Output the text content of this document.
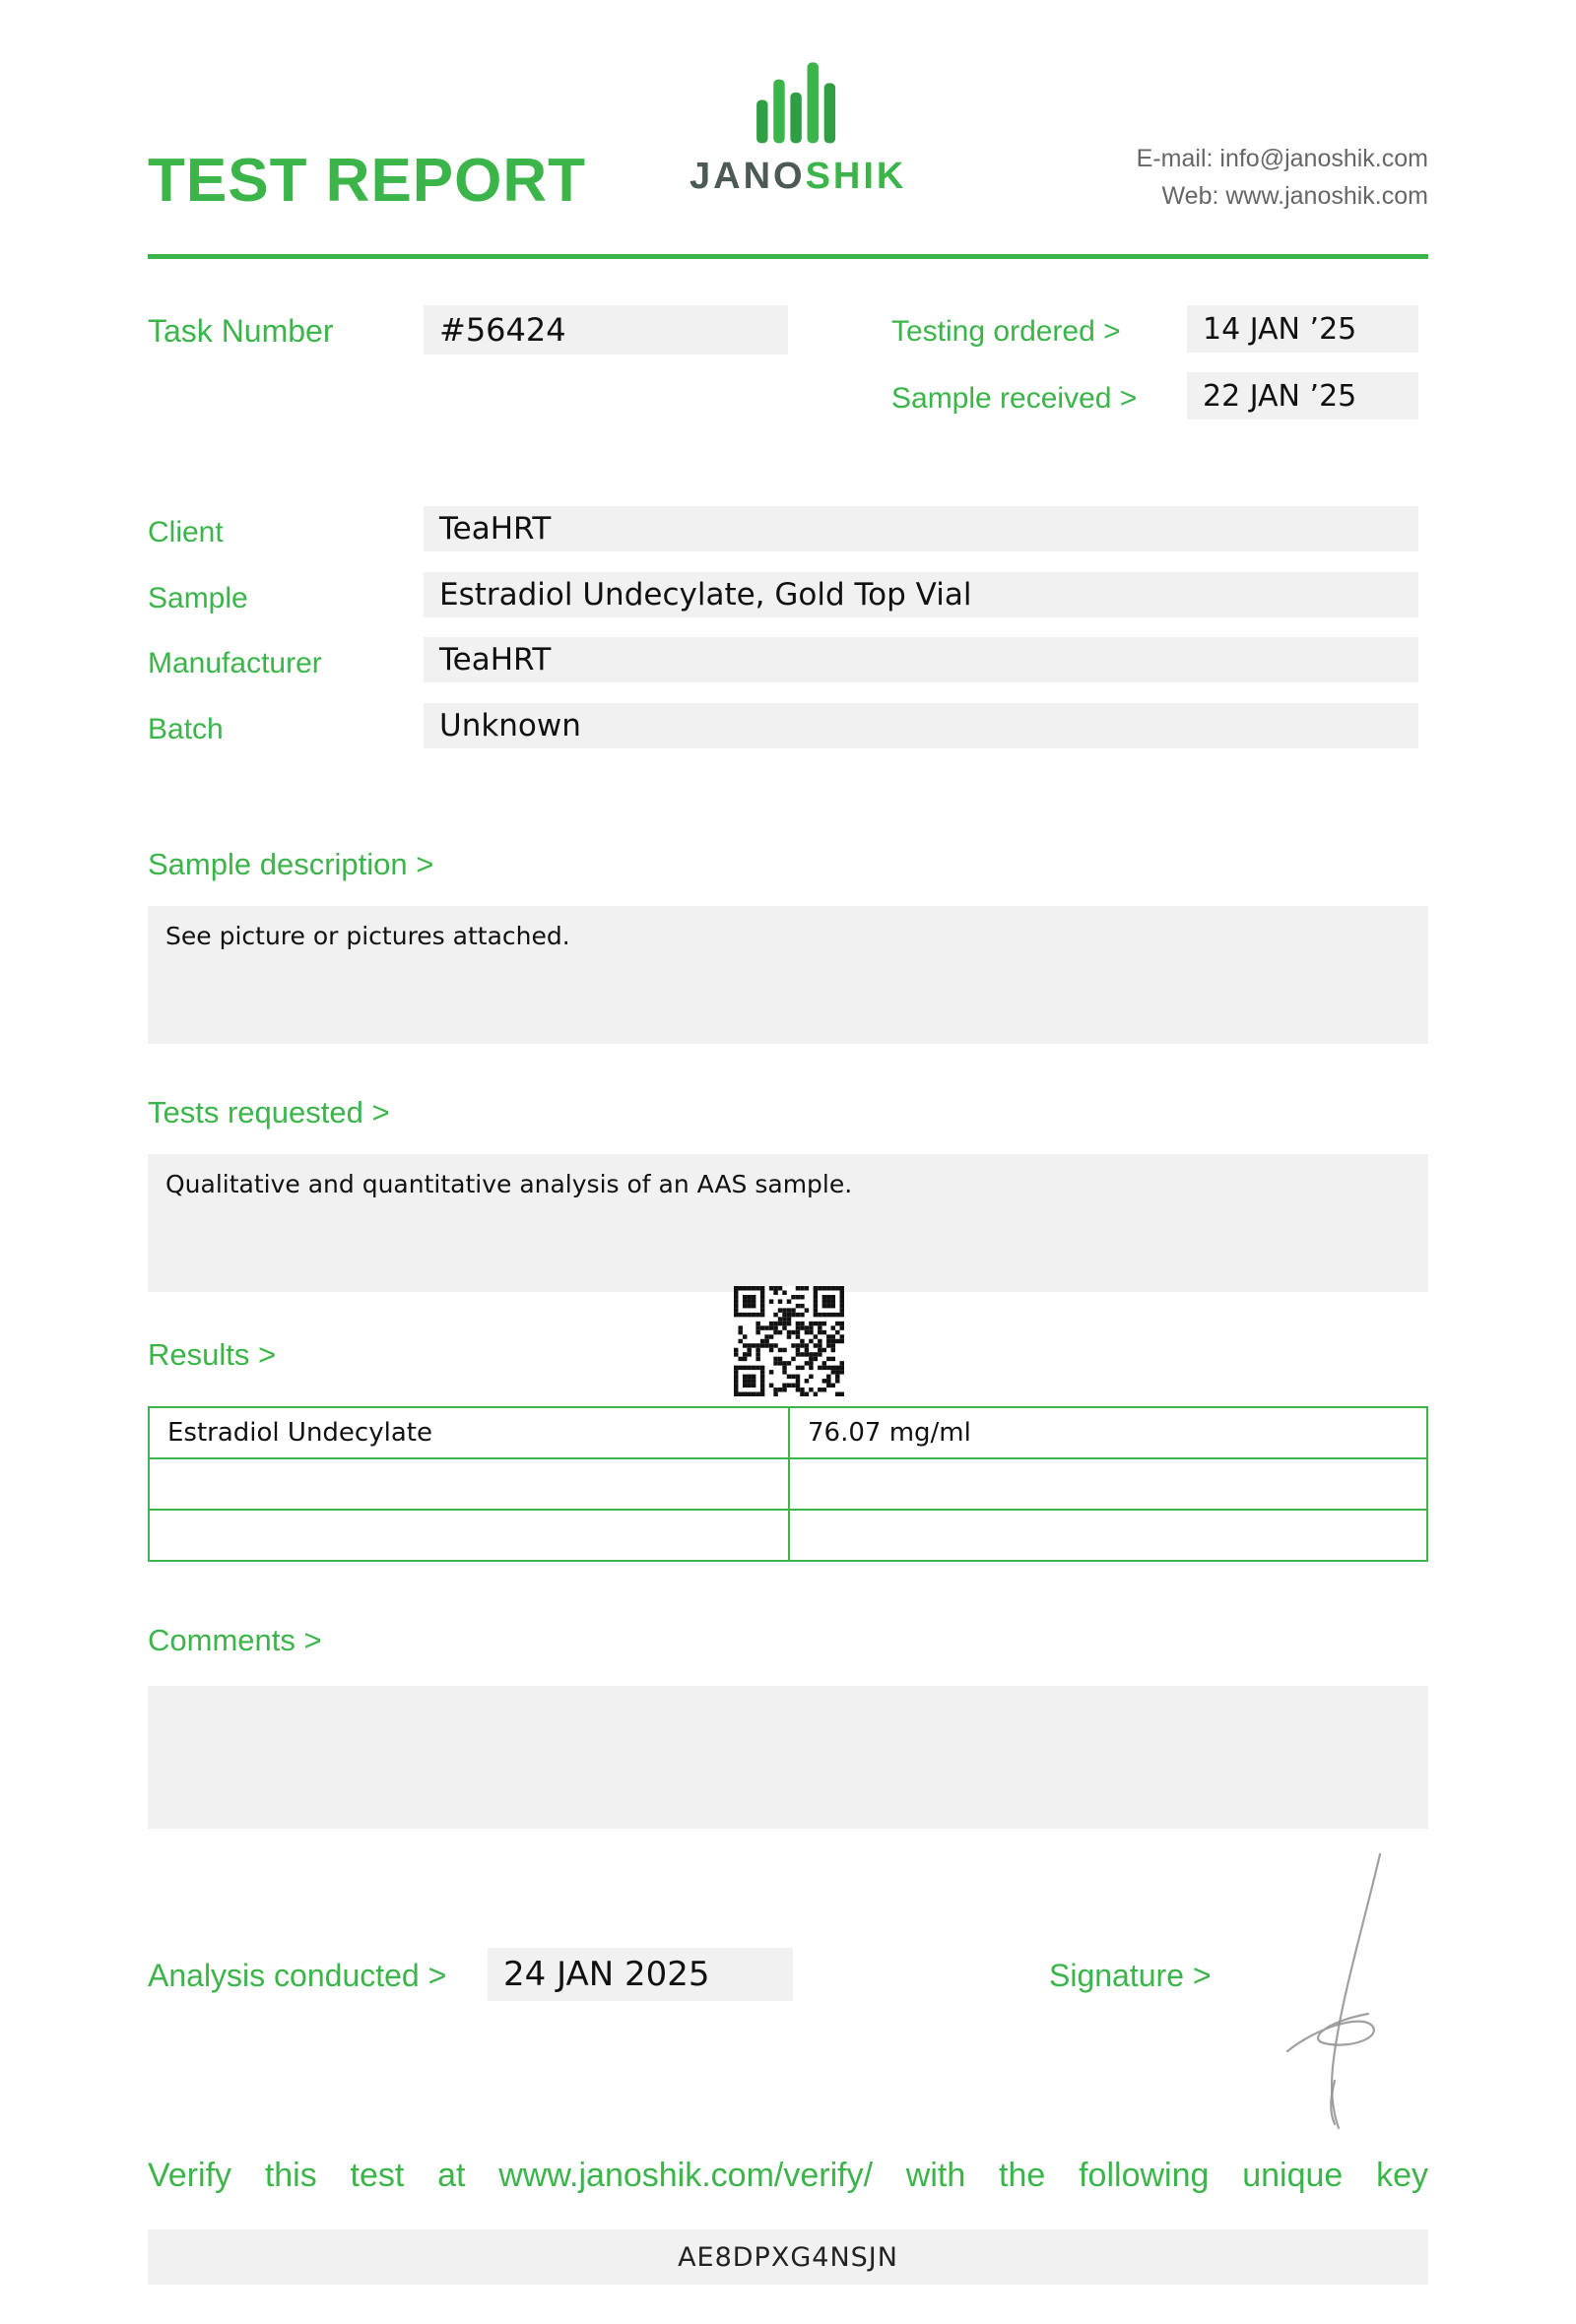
TEST REPORT	JANOSHIK	E-mail: info@janoshik.com
Web: www.janoshik.com
Task Number	#56424	Testing ordered >	14 JAN ’25
Sample received >	22 JAN ’25
Client	TeaHRT
Sample	Estradiol Undecylate, Gold Top Vial
Manufacturer	TeaHRT
Batch	Unknown
Sample description >
See picture or pictures attached.
Tests requested >
Qualitative and quantitative analysis of an AAS sample.
Results >
Estradiol Undecylate	76.07 mg/ml

Comments >
Analysis conducted >	24 JAN 2025	Signature >
Verify this test at www.janoshik.com/verify/ with the following unique key
AE8DPXG4NSJN
